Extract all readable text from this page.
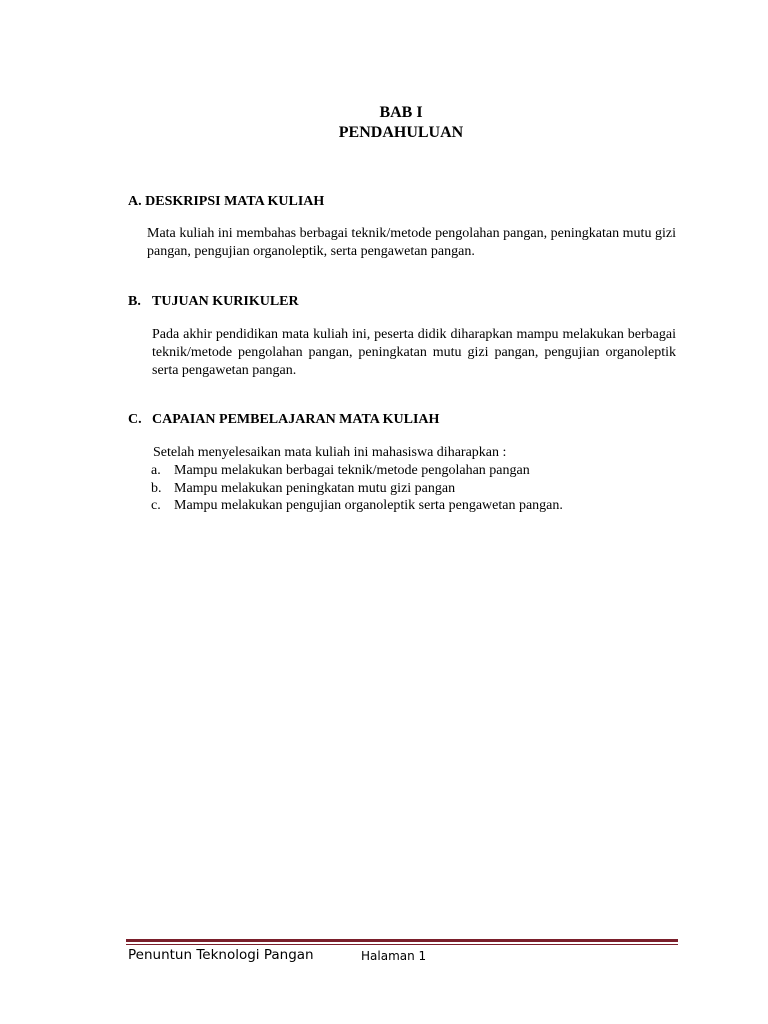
BAB I
PENDAHULUAN

A. DESKRIPSI MATA KULIAH

Mata kuliah ini membahas berbagai teknik/metode pengolahan pangan, peningkatan mutu gizi pangan, pengujian organoleptik, serta pengawetan pangan.

B. TUJUAN KURIKULER

Pada akhir pendidikan mata kuliah ini, peserta didik diharapkan mampu melakukan berbagai teknik/metode pengolahan pangan, peningkatan mutu gizi pangan, pengujian organoleptik serta pengawetan pangan.

C. CAPAIAN PEMBELAJARAN MATA KULIAH

Setelah menyelesaikan mata kuliah ini mahasiswa diharapkan :

a. Mampu melakukan berbagai teknik/metode pengolahan pangan
b. Mampu melakukan peningkatan mutu gizi pangan
c. Mampu melakukan pengujian organoleptik serta pengawetan pangan.
Penuntun Teknologi Pangan	Halaman 1
